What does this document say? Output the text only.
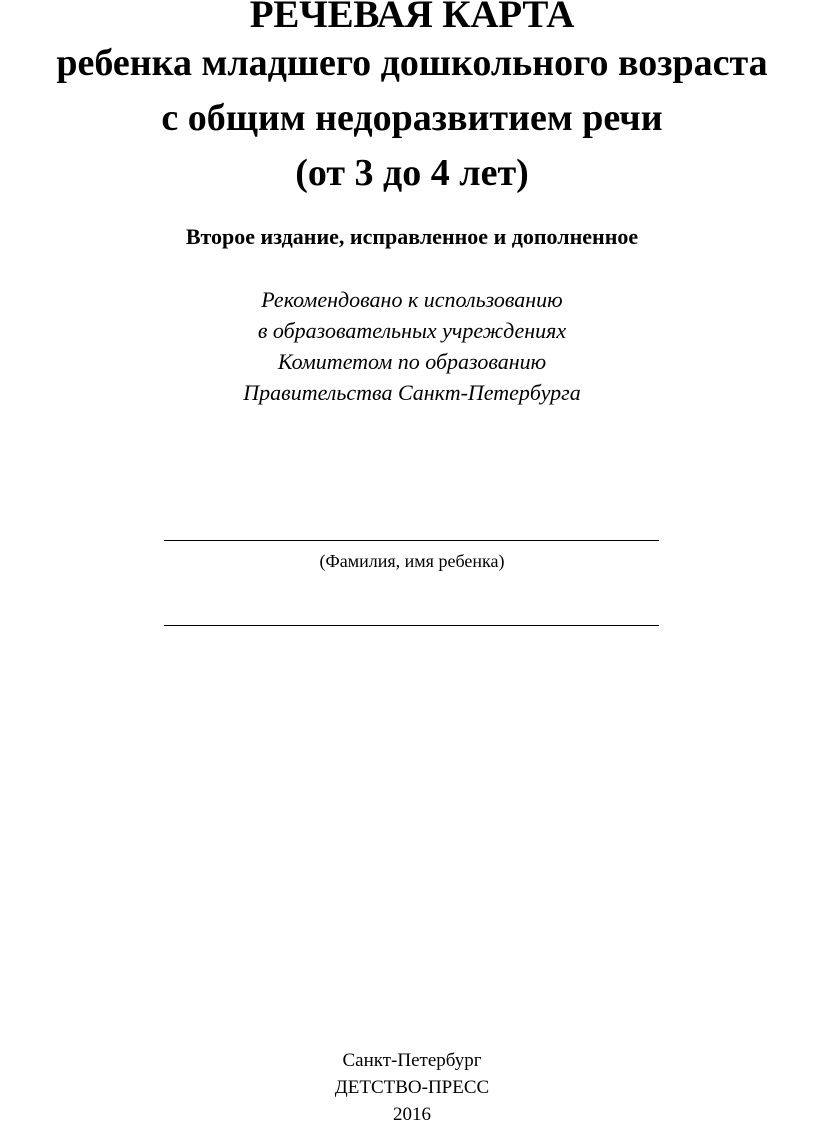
РЕЧЕВАЯ КАРТА
ребенка младшего дошкольного возраста
с общим недоразвитием речи
(от 3 до 4 лет)
Второе издание, исправленное и дополненное
Рекомендовано к использованию
в образовательных учреждениях
Комитетом по образованию
Правительства Санкт-Петербурга
(Фамилия, имя ребенка)
Санкт-Петербург
ДЕТСТВО-ПРЕСС
2016
